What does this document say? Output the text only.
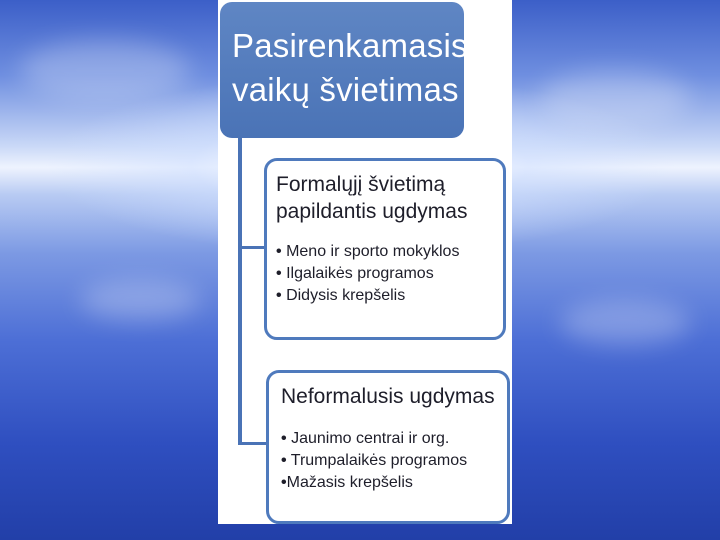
Pasirenkamasis
vaikų švietimas
Formalųjį švietimą
papildantis ugdymas
• Meno ir sporto mokyklos
• Ilgalaikės programos
• Didysis krepšelis
Neformalusis ugdymas
• Jaunimo centrai ir org.
• Trumpalaikės programos
•Mažasis krepšelis
